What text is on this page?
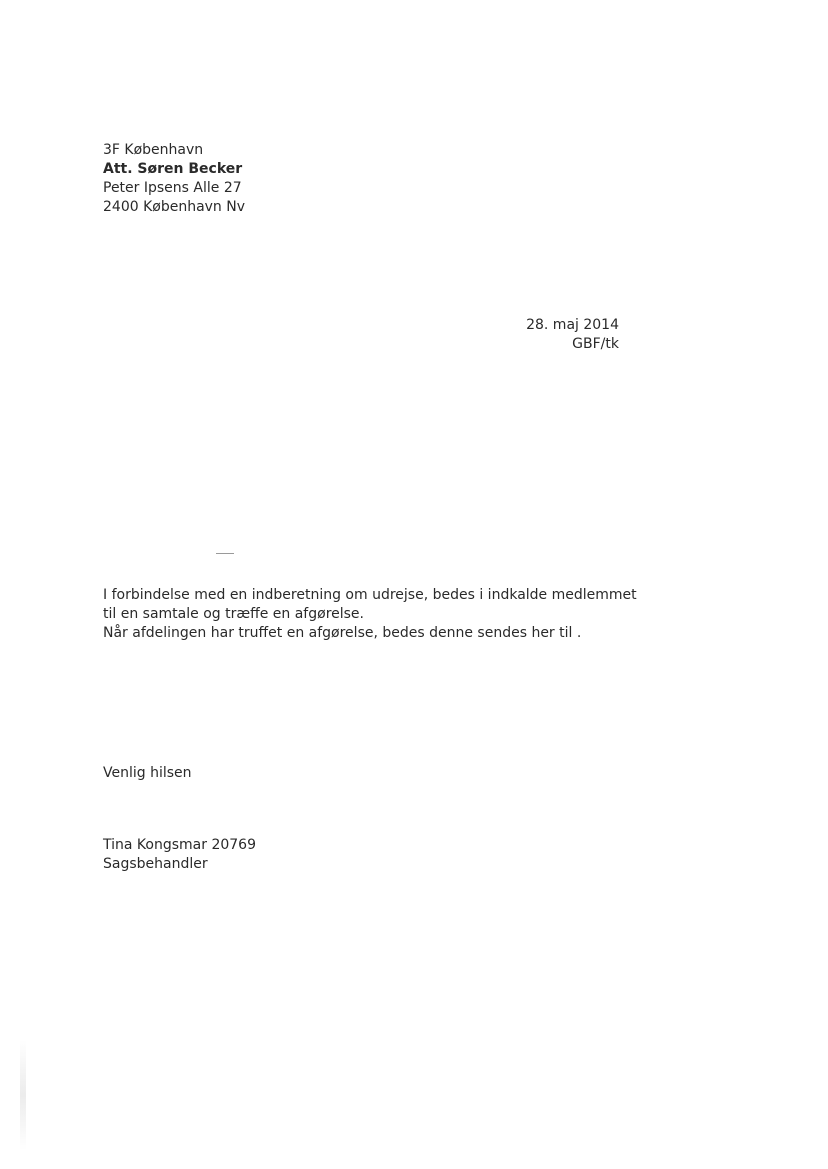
3F København
Att. Søren Becker
Peter Ipsens Alle 27
2400 København Nv
28. maj 2014
GBF/tk
I forbindelse med en indberetning om udrejse, bedes i indkalde medlemmet
til en samtale og træffe en afgørelse.
Når afdelingen har truffet en afgørelse, bedes denne sendes her til .
Venlig hilsen
Tina Kongsmar 20769
Sagsbehandler
